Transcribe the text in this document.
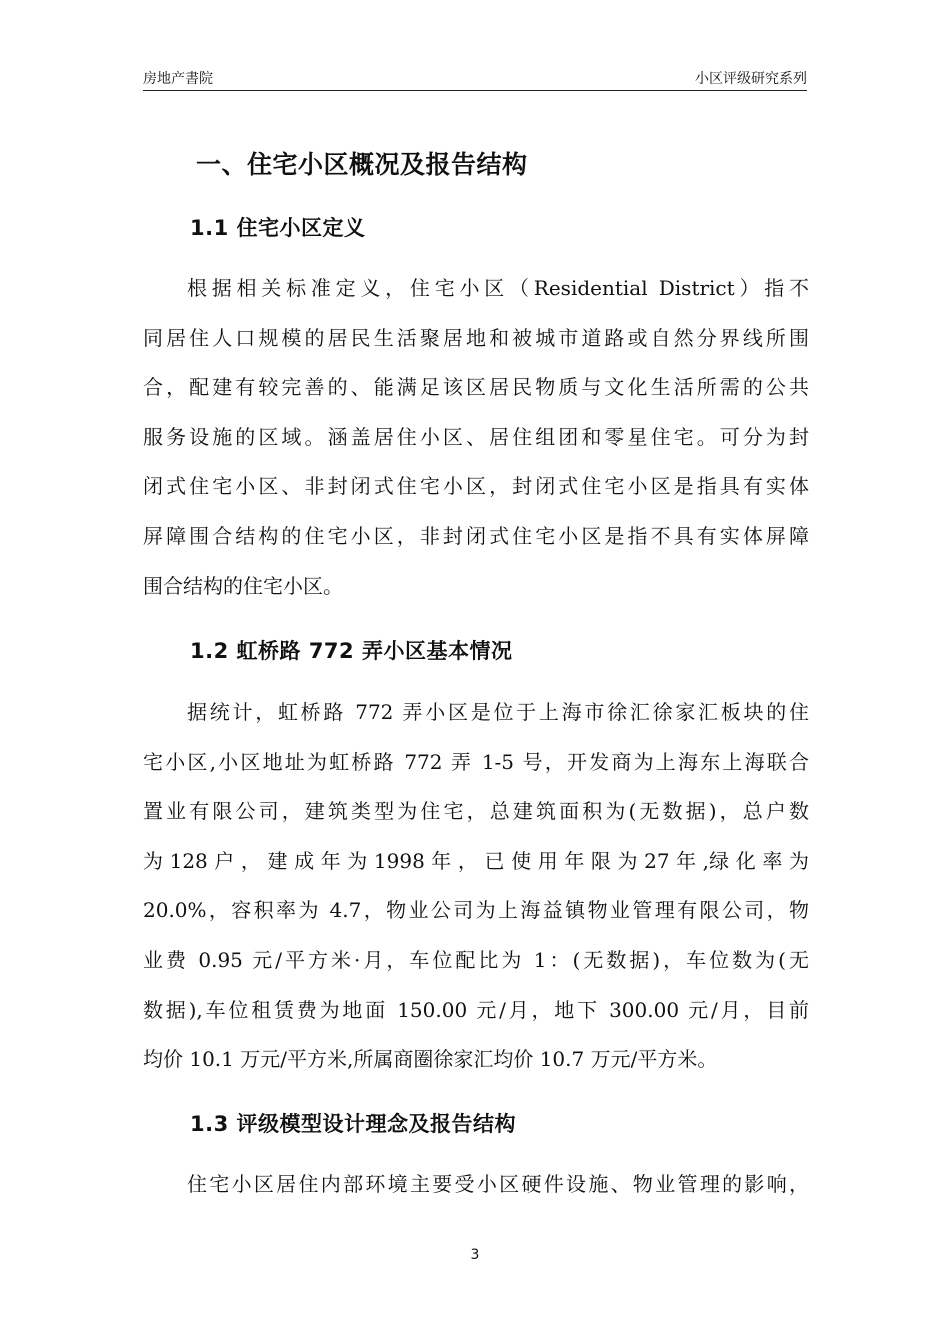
房地产書院	小区评级研究系列
一、住宅小区概况及报告结构
1.1 住宅小区定义
根据相关标准定义，住宅小区（Residential District）指不
同居住人口规模的居民生活聚居地和被城市道路或自然分界线所围
合，配建有较完善的、能满足该区居民物质与文化生活所需的公共
服务设施的区域。涵盖居住小区、居住组团和零星住宅。可分为封
闭式住宅小区、非封闭式住宅小区，封闭式住宅小区是指具有实体
屏障围合结构的住宅小区，非封闭式住宅小区是指不具有实体屏障
围合结构的住宅小区。
1.2 虹桥路 772 弄小区基本情况
据统计，虹桥路 772 弄小区是位于上海市徐汇徐家汇板块的住
宅小区,小区地址为虹桥路 772 弄 1-5 号，开发商为上海东上海联合
置业有限公司，建筑类型为住宅，总建筑面积为(无数据)，总户数
为 128 户 ， 建 成 年 为 1998 年 ， 已 使 用 年 限 为 27 年 ,绿 化 率 为
20.0%，容积率为 4.7，物业公司为上海益镇物业管理有限公司，物
业费 0.95 元/平方米·月，车位配比为 1：(无数据)，车位数为(无
数据),车位租赁费为地面 150.00 元/月，地下 300.00 元/月，目前
均价 10.1 万元/平方米,所属商圈徐家汇均价 10.7 万元/平方米。
1.3 评级模型设计理念及报告结构
住宅小区居住内部环境主要受小区硬件设施、物业管理的影响，
3
